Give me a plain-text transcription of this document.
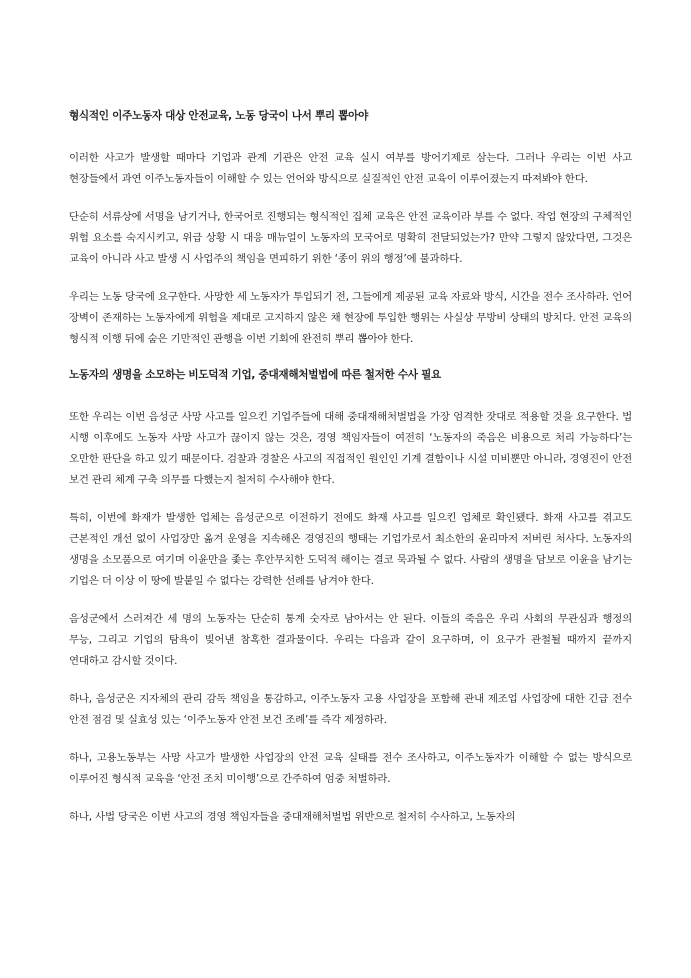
형식적인 이주노동자 대상 안전교육, 노동 당국이 나서 뿌리 뽑아야

이러한 사고가 발생할 때마다 기업과 관계 기관은 안전 교육 실시 여부를 방어기제로 삼는다. 그러나 우리는 이번 사고 현장들에서 과연 이주노동자들이 이해할 수 있는 언어와 방식으로 실질적인 안전 교육이 이루어졌는지 따져봐야 한다.

단순히 서류상에 서명을 남기거나, 한국어로 진행되는 형식적인 집체 교육은 안전 교육이라 부를 수 없다. 작업 현장의 구체적인 위험 요소를 숙지시키고, 위급 상황 시 대응 매뉴얼이 노동자의 모국어로 명확히 전달되었는가? 만약 그렇지 않았다면, 그것은 교육이 아니라 사고 발생 시 사업주의 책임을 면피하기 위한 ‘종이 위의 행정’에 불과하다.

우리는 노동 당국에 요구한다. 사망한 세 노동자가 투입되기 전, 그들에게 제공된 교육 자료와 방식, 시간을 전수 조사하라. 언어 장벽이 존재하는 노동자에게 위험을 제대로 고지하지 않은 채 현장에 투입한 행위는 사실상 무방비 상태의 방치다. 안전 교육의 형식적 이행 뒤에 숨은 기만적인 관행을 이번 기회에 완전히 뿌리 뽑아야 한다.

노동자의 생명을 소모하는 비도덕적 기업, 중대재해처벌법에 따른 철저한 수사 필요

또한 우리는 이번 음성군 사망 사고를 일으킨 기업주들에 대해 중대재해처벌법을 가장 엄격한 잣대로 적용할 것을 요구한다. 법 시행 이후에도 노동자 사망 사고가 끊이지 않는 것은, 경영 책임자들이 여전히 ‘노동자의 죽음은 비용으로 처리 가능하다’는 오만한 판단을 하고 있기 때문이다. 검찰과 경찰은 사고의 직접적인 원인인 기계 결함이나 시설 미비뿐만 아니라, 경영진이 안전 보건 관리 체계 구축 의무를 다했는지 철저히 수사해야 한다.

특히, 이번에 화재가 발생한 업체는 음성군으로 이전하기 전에도 화재 사고를 일으킨 업체로 확인됐다. 화재 사고를 겪고도 근본적인 개선 없이 사업장만 옮겨 운영을 지속해온 경영진의 행태는 기업가로서 최소한의 윤리마저 저버린 처사다. 노동자의 생명을 소모품으로 여기며 이윤만을 좇는 후안무치한 도덕적 해이는 결코 묵과될 수 없다. 사람의 생명을 담보로 이윤을 남기는 기업은 더 이상 이 땅에 발붙일 수 없다는 강력한 선례를 남겨야 한다.

음성군에서 스러져간 세 명의 노동자는 단순히 통계 숫자로 남아서는 안 된다. 이들의 죽음은 우리 사회의 무관심과 행정의 무능, 그리고 기업의 탐욕이 빚어낸 참혹한 결과물이다. 우리는 다음과 같이 요구하며, 이 요구가 관철될 때까지 끝까지 연대하고 감시할 것이다.

하나, 음성군은 지자체의 관리 감독 책임을 통감하고, 이주노동자 고용 사업장을 포함해 관내 제조업 사업장에 대한 긴급 전수 안전 점검 및 실효성 있는 ‘이주노동자 안전 보건 조례’를 즉각 제정하라.

하나, 고용노동부는 사망 사고가 발생한 사업장의 안전 교육 실태를 전수 조사하고, 이주노동자가 이해할 수 없는 방식으로 이루어진 형식적 교육을 ‘안전 조치 미이행’으로 간주하여 엄중 처벌하라.

하나, 사법 당국은 이번 사고의 경영 책임자들을 중대재해처벌법 위반으로 철저히 수사하고, 노동자의
